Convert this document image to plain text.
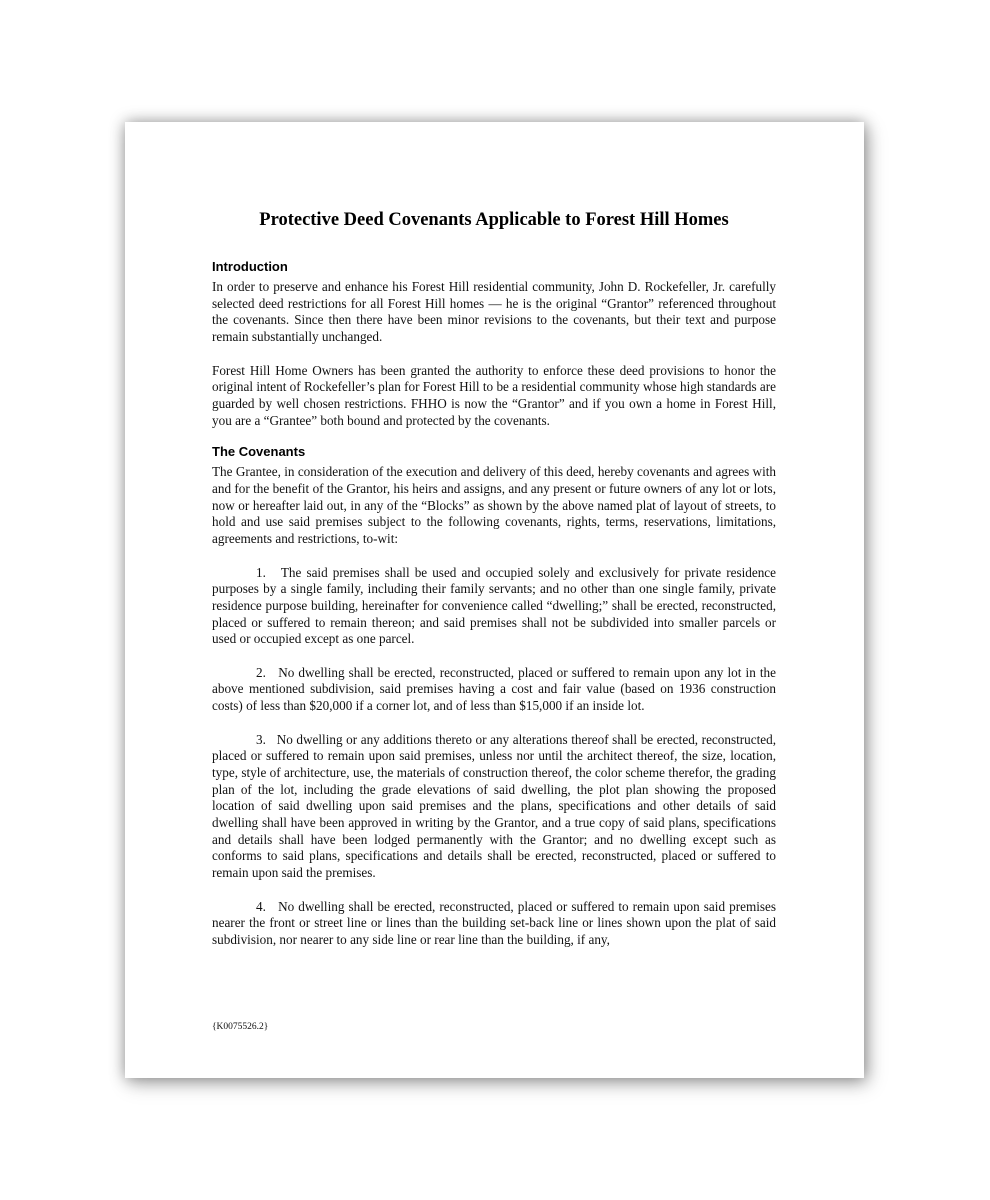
Protective Deed Covenants Applicable to Forest Hill Homes
Introduction

In order to preserve and enhance his Forest Hill residential community, John D. Rockefeller, Jr. carefully selected deed restrictions for all Forest Hill homes — he is the original “Grantor” referenced throughout the covenants. Since then there have been minor revisions to the covenants, but their text and purpose remain substantially unchanged.

Forest Hill Home Owners has been granted the authority to enforce these deed provisions to honor the original intent of Rockefeller’s plan for Forest Hill to be a residential community whose high standards are guarded by well chosen restrictions. FHHO is now the “Grantor” and if you own a home in Forest Hill, you are a “Grantee” both bound and protected by the covenants.

The Covenants

The Grantee, in consideration of the execution and delivery of this deed, hereby covenants and agrees with and for the benefit of the Grantor, his heirs and assigns, and any present or future owners of any lot or lots, now or hereafter laid out, in any of the “Blocks” as shown by the above named plat of layout of streets, to hold and use said premises subject to the following covenants, rights, terms, reservations, limitations, agreements and restrictions, to-wit:

1. The said premises shall be used and occupied solely and exclusively for private residence purposes by a single family, including their family servants; and no other than one single family, private residence purpose building, hereinafter for convenience called “dwelling;” shall be erected, reconstructed, placed or suffered to remain thereon; and said premises shall not be subdivided into smaller parcels or used or occupied except as one parcel.

2. No dwelling shall be erected, reconstructed, placed or suffered to remain upon any lot in the above mentioned subdivision, said premises having a cost and fair value (based on 1936 construction costs) of less than $20,000 if a corner lot, and of less than $15,000 if an inside lot.

3. No dwelling or any additions thereto or any alterations thereof shall be erected, reconstructed, placed or suffered to remain upon said premises, unless nor until the architect thereof, the size, location, type, style of architecture, use, the materials of construction thereof, the color scheme therefor, the grading plan of the lot, including the grade elevations of said dwelling, the plot plan showing the proposed location of said dwelling upon said premises and the plans, specifications and other details of said dwelling shall have been approved in writing by the Grantor, and a true copy of said plans, specifications and details shall have been lodged permanently with the Grantor; and no dwelling except such as conforms to said plans, specifications and details shall be erected, reconstructed, placed or suffered to remain upon said the premises.

4. No dwelling shall be erected, reconstructed, placed or suffered to remain upon said premises nearer the front or street line or lines than the building set-back line or lines shown upon the plat of said subdivision, nor nearer to any side line or rear line than the building, if any,

{K0075526.2}
